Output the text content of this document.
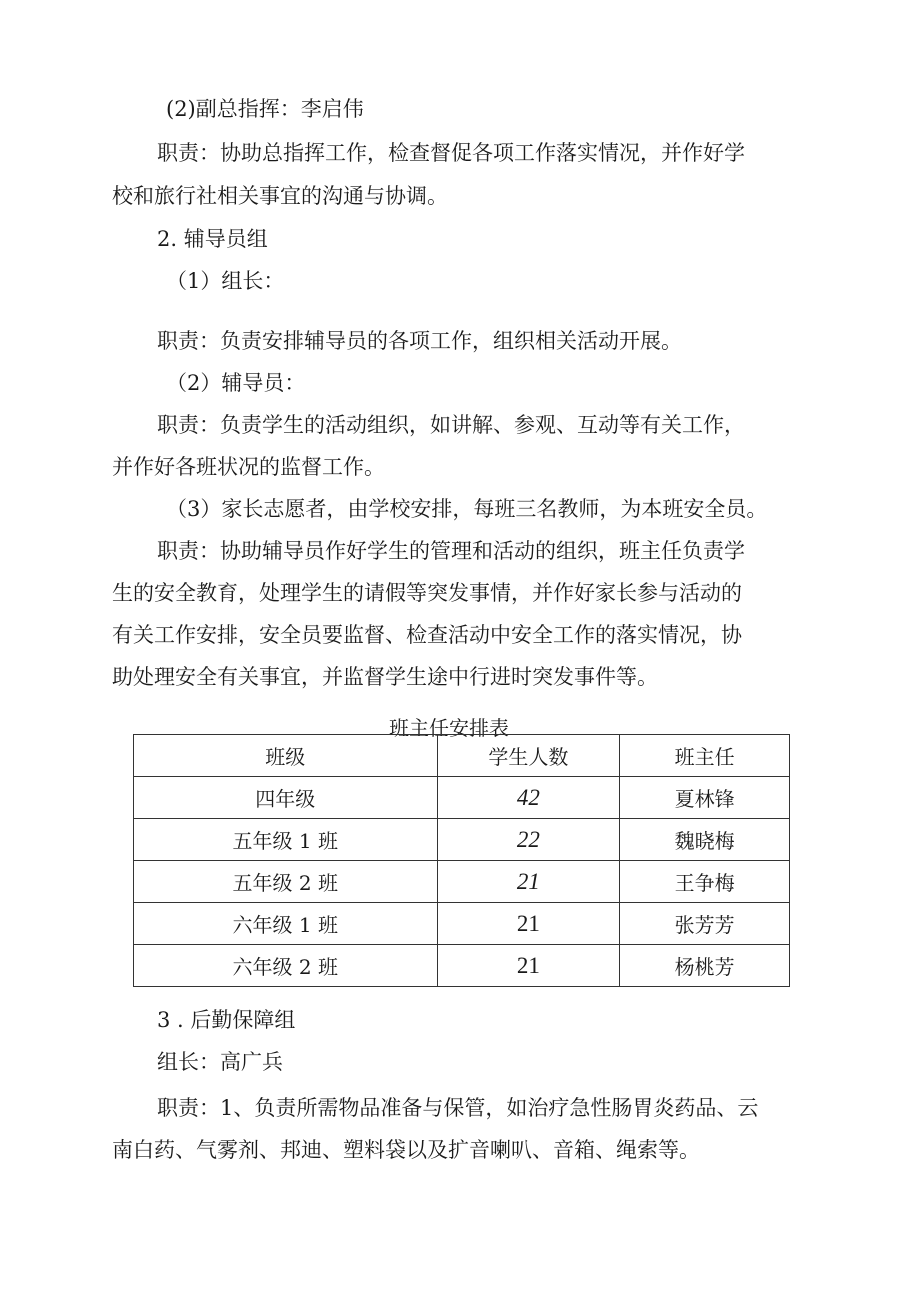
(2)副总指挥：李启伟
职责：协助总指挥工作，检查督促各项工作落实情况，并作好学
校和旅行社相关事宜的沟通与协调。
2. 辅导员组
（1）组长：
职责：负责安排辅导员的各项工作，组织相关活动开展。
（2）辅导员：
职责：负责学生的活动组织，如讲解、参观、互动等有关工作，
并作好各班状况的监督工作。
（3）家长志愿者，由学校安排，每班三名教师，为本班安全员。
职责：协助辅导员作好学生的管理和活动的组织，班主任负责学
生的安全教育，处理学生的请假等突发事情，并作好家长参与活动的
有关工作安排，安全员要监督、检查活动中安全工作的落实情况，协
助处理安全有关事宜，并监督学生途中行进时突发事件等。
班主任安排表
班级	学生人数	班主任
四年级	42	夏林锋
五年级 1 班	22	魏晓梅
五年级 2 班	21	王争梅
六年级 1 班	21	张芳芳
六年级 2 班	21	杨桃芳
3 . 后勤保障组
组长：高广兵
职责：1、负责所需物品准备与保管，如治疗急性肠胃炎药品、云
南白药、气雾剂、邦迪、塑料袋以及扩音喇叭、音箱、绳索等。
